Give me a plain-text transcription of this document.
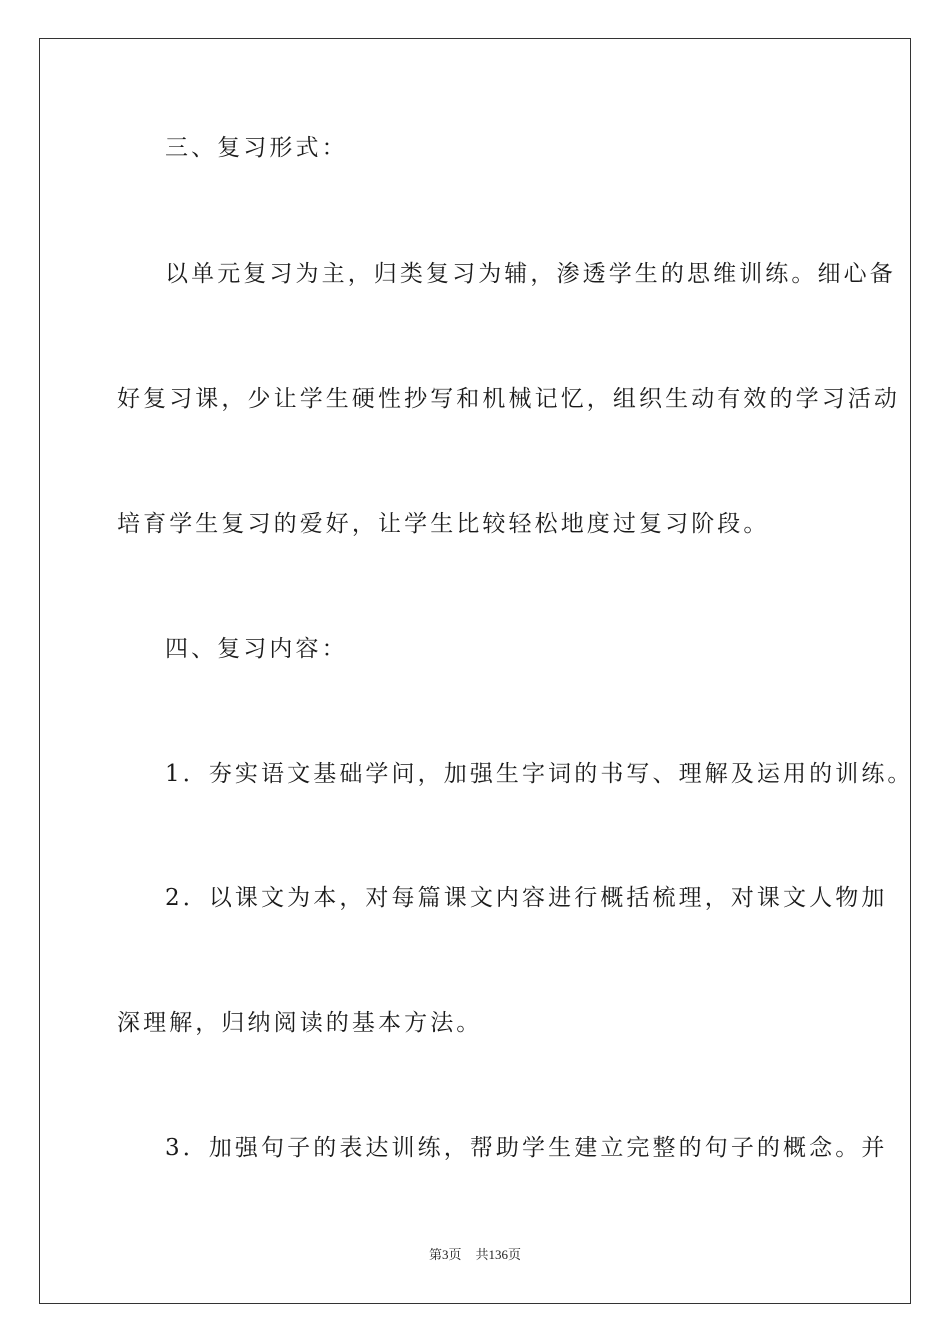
三、复习形式：
以单元复习为主，归类复习为辅，渗透学生的思维训练。细心备
好复习课，少让学生硬性抄写和机械记忆，组织生动有效的学习活动
培育学生复习的爱好，让学生比较轻松地度过复习阶段。
四、复习内容：
1．夯实语文基础学问，加强生字词的书写、理解及运用的训练。
2．以课文为本，对每篇课文内容进行概括梳理，对课文人物加
深理解，归纳阅读的基本方法。
3．加强句子的表达训练，帮助学生建立完整的句子的概念。并
第3页 共136页
